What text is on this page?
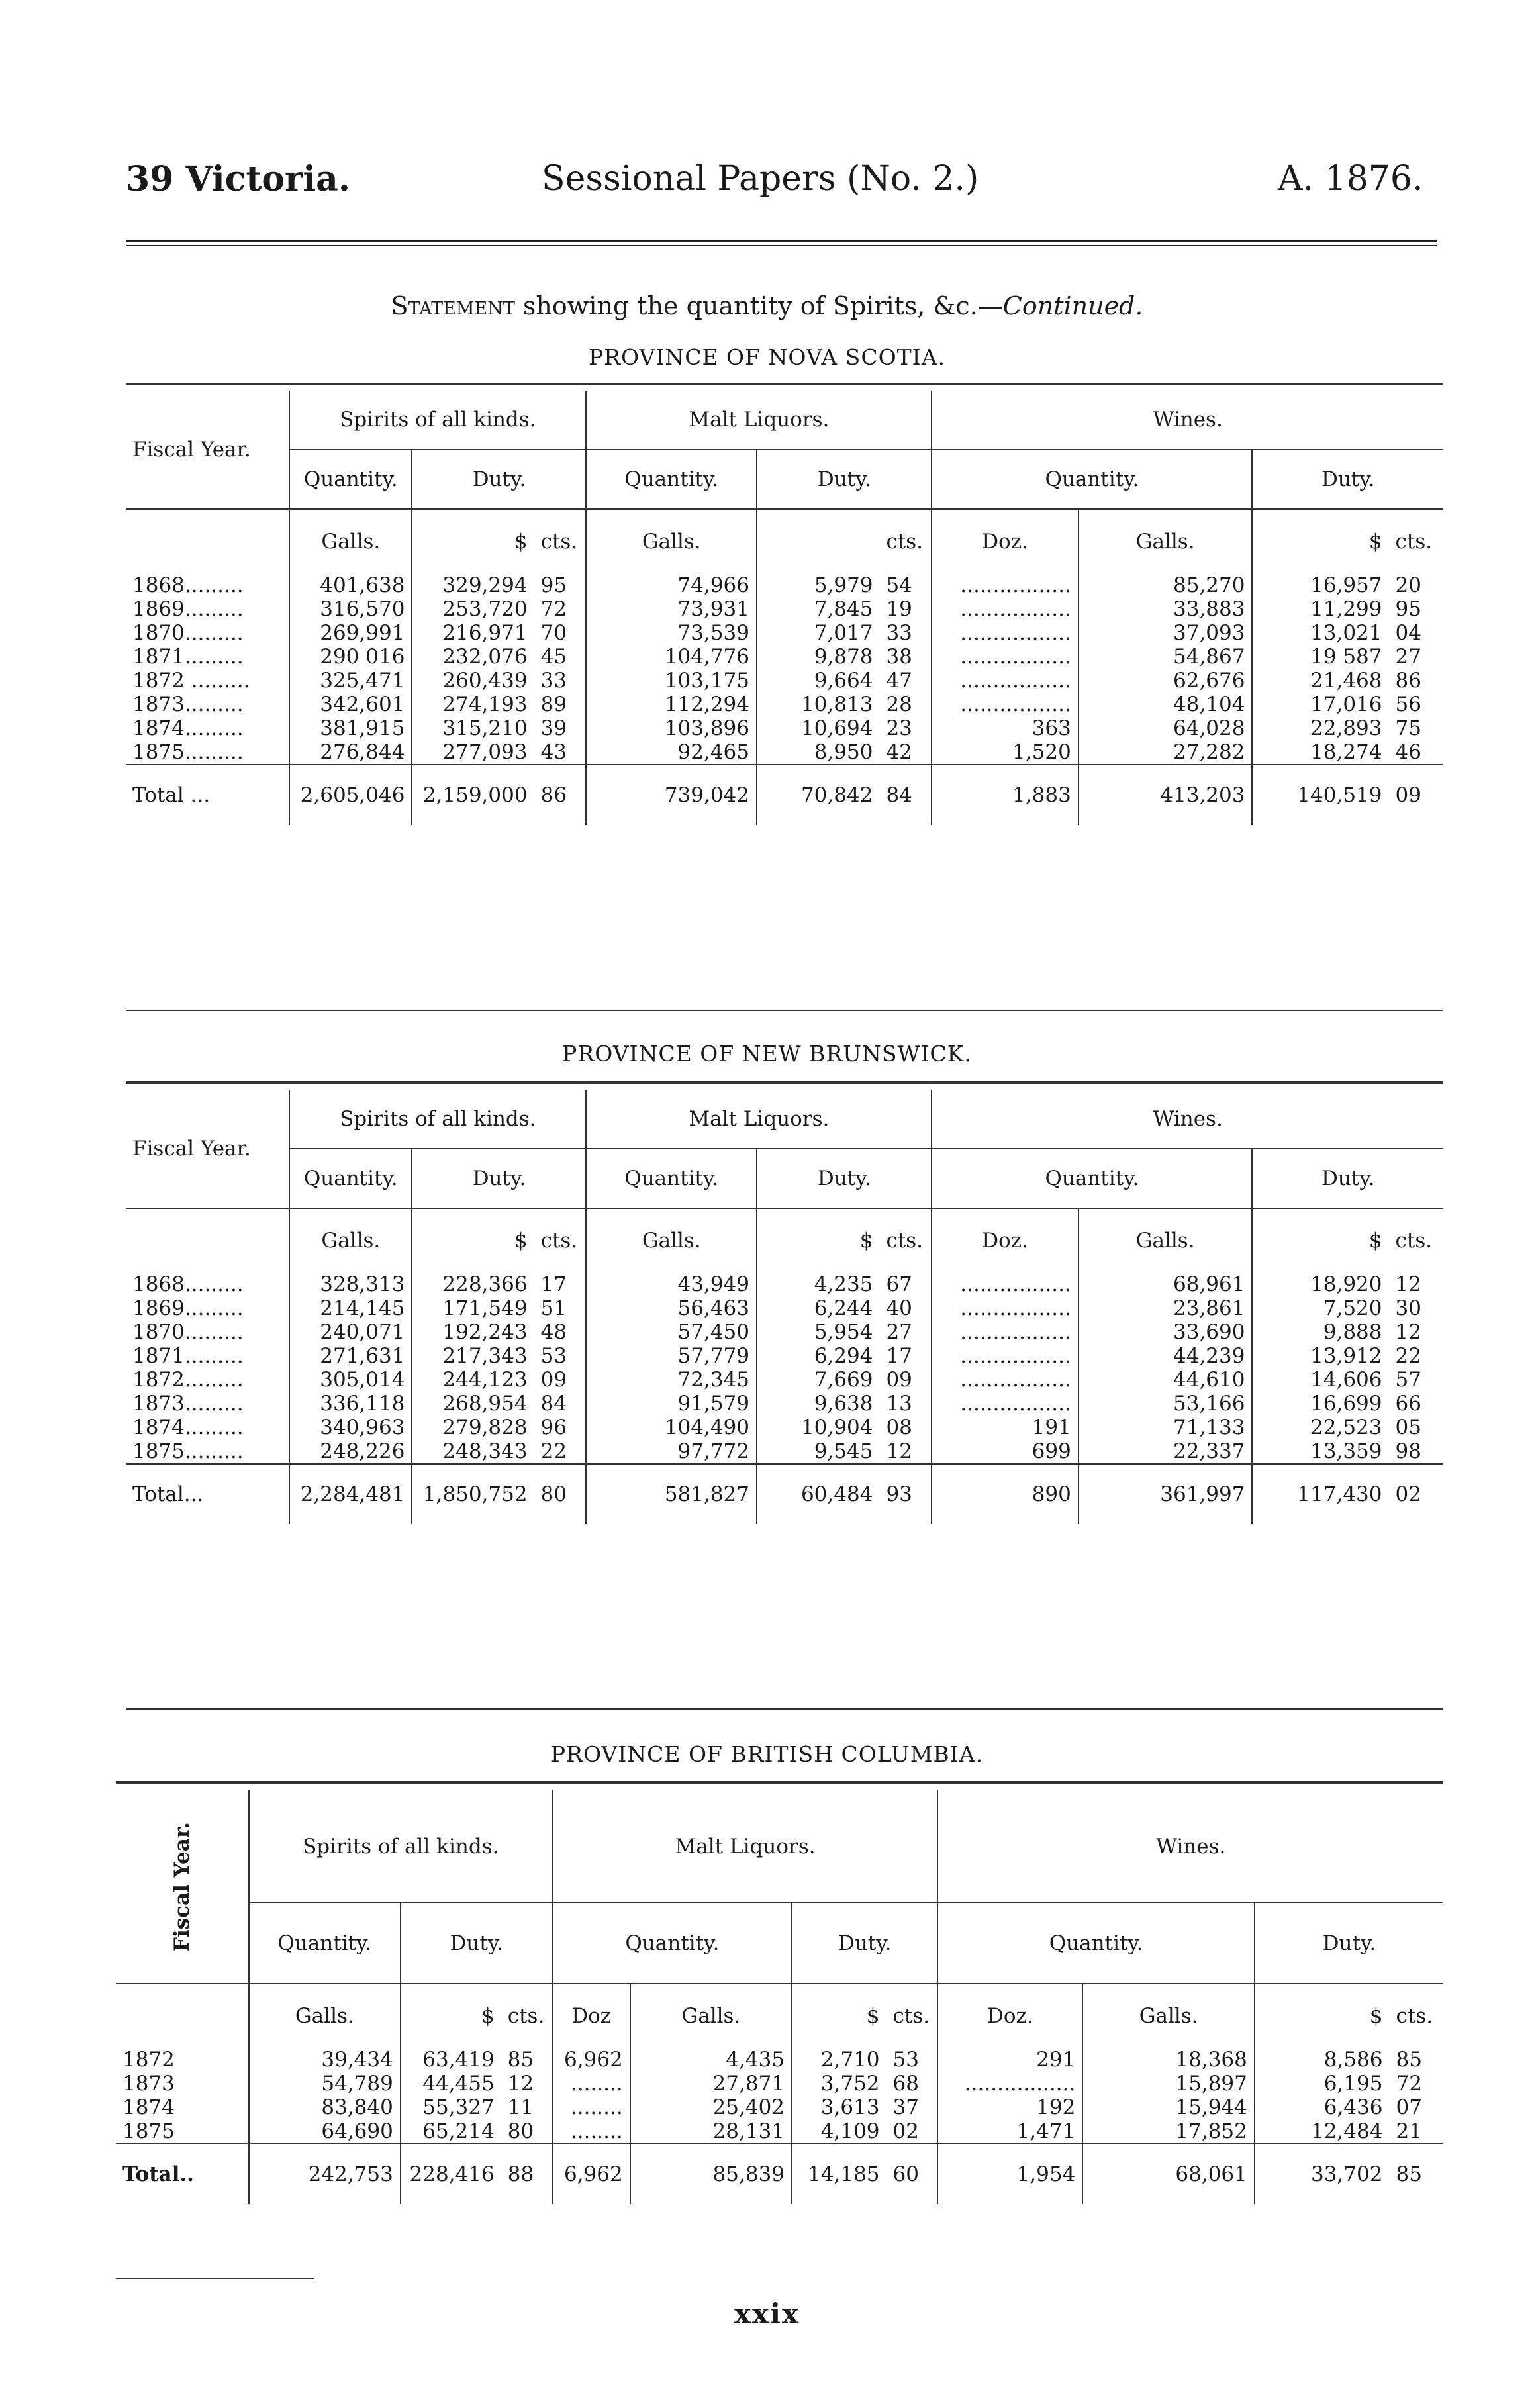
39 Victoria.	Sessional Papers (No. 2.)	A. 1876.
Statement showing the quantity of Spirits, &c.—Continued.
PROVINCE OF NOVA SCOTIA.
Fiscal Year.	Spirits of all kinds.			Malt Liquors.			Wines.			
	Quantity.	Duty.		Quantity.	Duty.		Quantity.		Duty.	
	Galls.	$	cts.	Galls.		cts.	Doz.	Galls.	$	cts.
1868.........	401,638	329,294	95	74,966	5,979	54	.................	85,270	16,957	20
1869.........	316,570	253,720	72	73,931	7,845	19	.................	33,883	11,299	95
1870.........	269,991	216,971	70	73,539	7,017	33	.................	37,093	13,021	04
1871.........	290 016	232,076	45	104,776	9,878	38	.................	54,867	19 587	27
1872 .........	325,471	260,439	33	103,175	9,664	47	.................	62,676	21,468	86
1873.........	342,601	274,193	89	112,294	10,813	28	.................	48,104	17,016	56
1874.........	381,915	315,210	39	103,896	10,694	23	363	64,028	22,893	75
1875.........	276,844	277,093	43	92,465	8,950	42	1,520	27,282	18,274	46
Total ...	2,605,046	2,159,000	86	739,042	70,842	84	1,883	413,203	140,519	09
PROVINCE OF NEW BRUNSWICK.
Fiscal Year.	Spirits of all kinds.			Malt Liquors.			Wines.			
	Quantity.	Duty.		Quantity.	Duty.		Quantity.		Duty.	
	Galls.	$	cts.	Galls.	$	cts.	Doz.	Galls.	$	cts.
1868.........	328,313	228,366	17	43,949	4,235	67	.................	68,961	18,920	12
1869.........	214,145	171,549	51	56,463	6,244	40	.................	23,861	7,520	30
1870.........	240,071	192,243	48	57,450	5,954	27	.................	33,690	9,888	12
1871.........	271,631	217,343	53	57,779	6,294	17	.................	44,239	13,912	22
1872.........	305,014	244,123	09	72,345	7,669	09	.................	44,610	14,606	57
1873.........	336,118	268,954	84	91,579	9,638	13	.................	53,166	16,699	66
1874.........	340,963	279,828	96	104,490	10,904	08	191	71,133	22,523	05
1875.........	248,226	248,343	22	97,772	9,545	12	699	22,337	13,359	98
Total...	2,284,481	1,850,752	80	581,827	60,484	93	890	361,997	117,430	02
PROVINCE OF BRITISH COLUMBIA.
Fiscal Year.	Spirits of all kinds.			Malt Liquors.				Wines.			
	Quantity.	Duty.		Quantity.		Duty.		Quantity.		Duty.	
	Galls.	$	cts.	Doz	Galls.	$	cts.	Doz.	Galls.	$	cts.
1872	39,434	63,419	85	6,962	4,435	2,710	53	291	18,368	8,586	85
1873	54,789	44,455	12	........	27,871	3,752	68	.................	15,897	6,195	72
1874	83,840	55,327	11	........	25,402	3,613	37	192	15,944	6,436	07
1875	64,690	65,214	80	........	28,131	4,109	02	1,471	17,852	12,484	21
Total..	242,753	228,416	88	6,962	85,839	14,185	60	1,954	68,061	33,702	85
xxix
